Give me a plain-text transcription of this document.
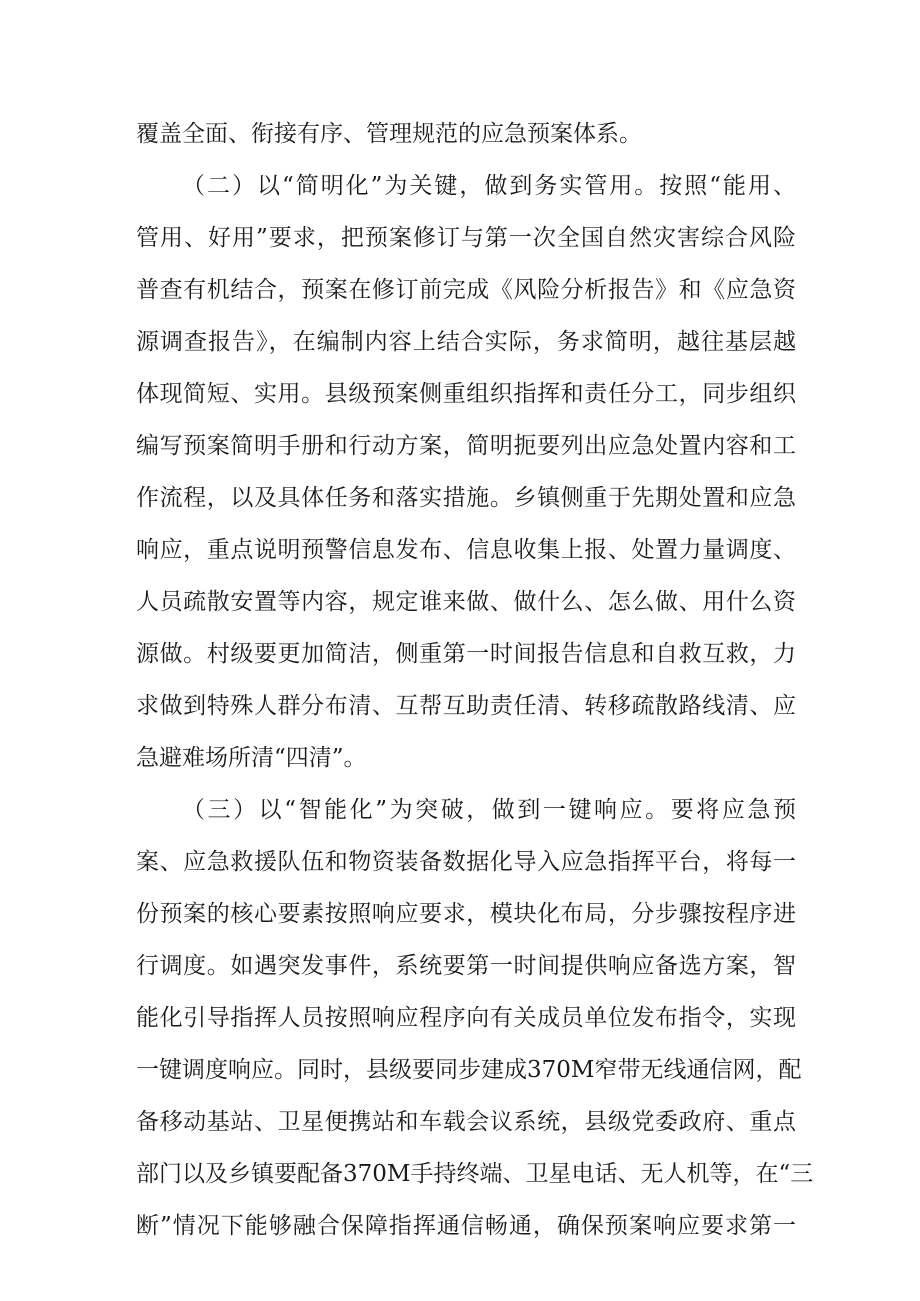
覆盖全面、衔接有序、管理规范的应急预案体系。
（二）以“简明化”为关键，做到务实管用。按照“能用、
管用、好用”要求，把预案修订与第一次全国自然灾害综合风险
普查有机结合，预案在修订前完成《风险分析报告》和《应急资
源调查报告》，在编制内容上结合实际，务求简明，越往基层越
体现简短、实用。县级预案侧重组织指挥和责任分工，同步组织
编写预案简明手册和行动方案，简明扼要列出应急处置内容和工
作流程，以及具体任务和落实措施。乡镇侧重于先期处置和应急
响应，重点说明预警信息发布、信息收集上报、处置力量调度、
人员疏散安置等内容，规定谁来做、做什么、怎么做、用什么资
源做。村级要更加简洁，侧重第一时间报告信息和自救互救，力
求做到特殊人群分布清、互帮互助责任清、转移疏散路线清、应
急避难场所清“四清”。
（三）以“智能化”为突破，做到一键响应。要将应急预
案、应急救援队伍和物资装备数据化导入应急指挥平台，将每一
份预案的核心要素按照响应要求，模块化布局，分步骤按程序进
行调度。如遇突发事件，系统要第一时间提供响应备选方案，智
能化引导指挥人员按照响应程序向有关成员单位发布指令，实现
一键调度响应。同时，县级要同步建成370M窄带无线通信网，配
备移动基站、卫星便携站和车载会议系统，县级党委政府、重点
部门以及乡镇要配备370M手持终端、卫星电话、无人机等，在“三
断”情况下能够融合保障指挥通信畅通，确保预案响应要求第一
